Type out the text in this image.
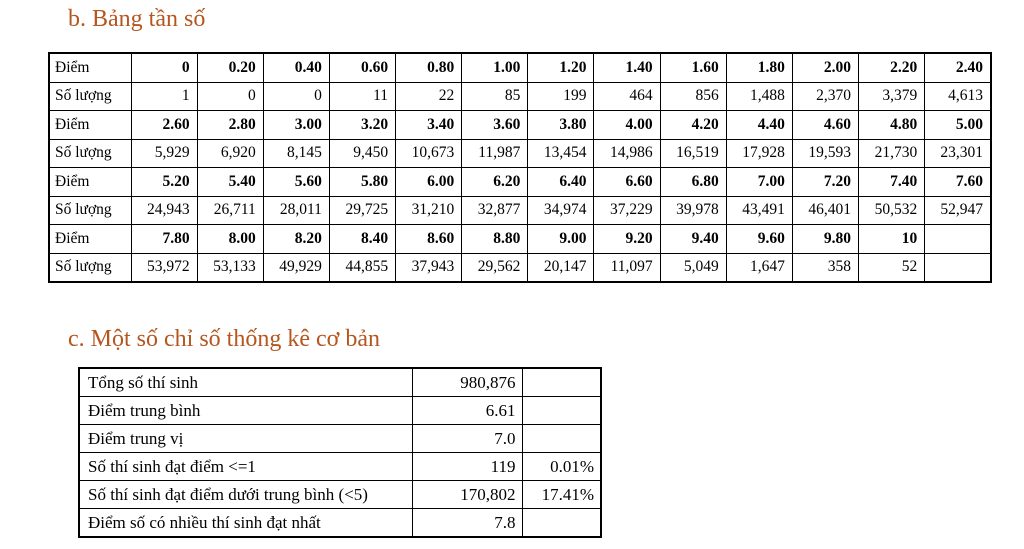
b. Bảng tần số
Điểm	0	0.20	0.40	0.60	0.80	1.00	1.20	1.40	1.60	1.80	2.00	2.20	2.40
Số lượng	1	0	0	11	22	85	199	464	856	1,488	2,370	3,379	4,613
Điểm	2.60	2.80	3.00	3.20	3.40	3.60	3.80	4.00	4.20	4.40	4.60	4.80	5.00
Số lượng	5,929	6,920	8,145	9,450	10,673	11,987	13,454	14,986	16,519	17,928	19,593	21,730	23,301
Điểm	5.20	5.40	5.60	5.80	6.00	6.20	6.40	6.60	6.80	7.00	7.20	7.40	7.60
Số lượng	24,943	26,711	28,011	29,725	31,210	32,877	34,974	37,229	39,978	43,491	46,401	50,532	52,947
Điểm	7.80	8.00	8.20	8.40	8.60	8.80	9.00	9.20	9.40	9.60	9.80	10	
Số lượng	53,972	53,133	49,929	44,855	37,943	29,562	20,147	11,097	5,049	1,647	358	52	
c. Một số chỉ số thống kê cơ bản
Tổng số thí sinh	980,876	
Điểm trung bình	6.61	
Điểm trung vị	7.0	
Số thí sinh đạt điểm <=1	119	0.01%
Số thí sinh đạt điểm dưới trung bình (<5)	170,802	17.41%
Điểm số có nhiều thí sinh đạt nhất	7.8	
